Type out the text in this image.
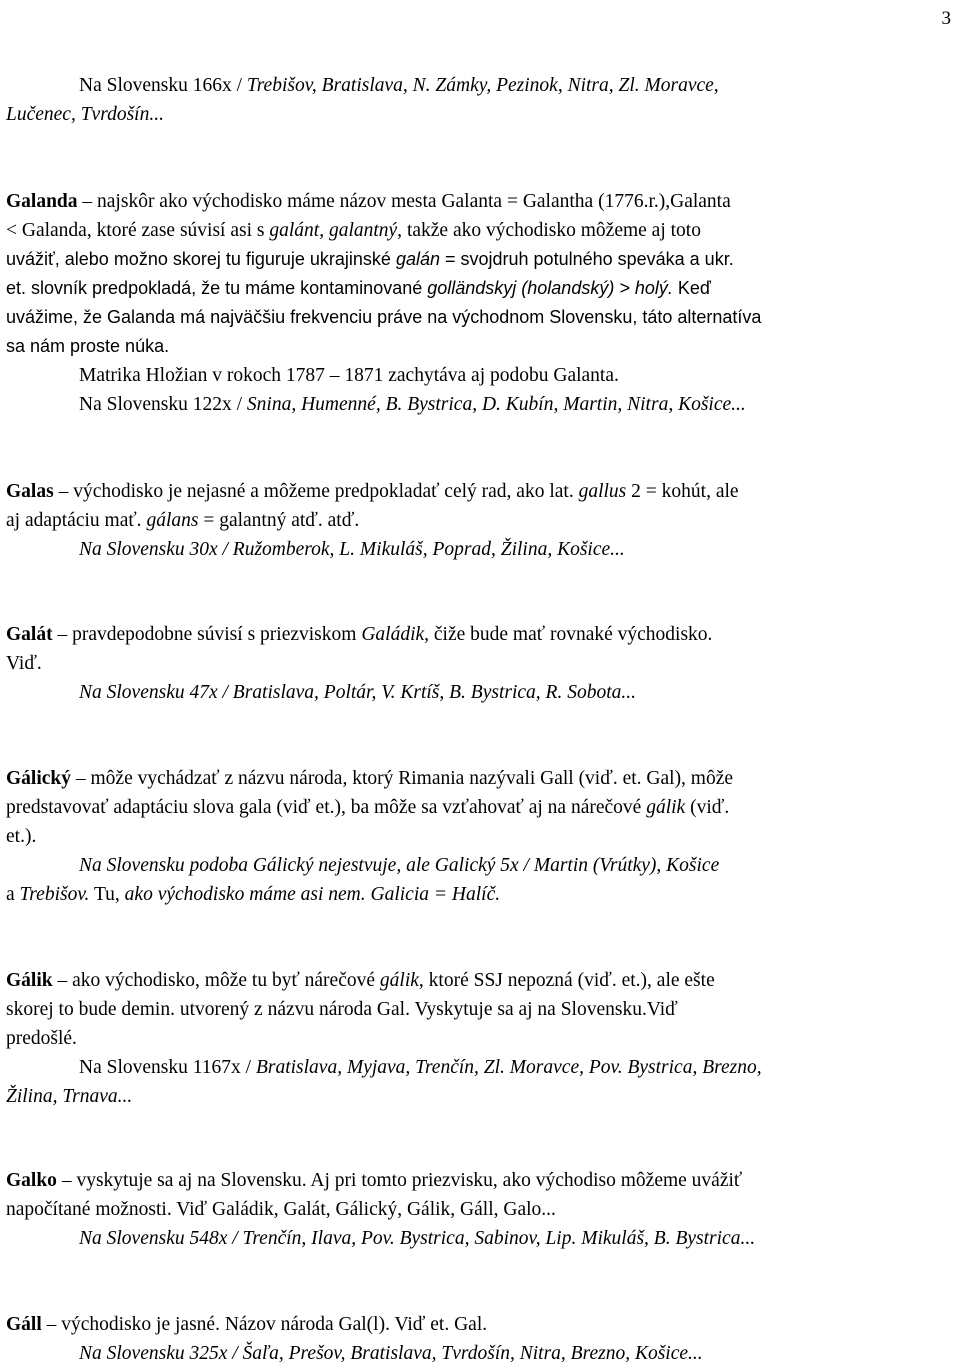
3
Na Slovensku 166x / Trebišov, Bratislava, N. Zámky, Pezinok, Nitra, Zl. Moravce,
Lučenec, Tvrdošín...
Galanda – najskôr ako východisko máme názov mesta Galanta = Galantha (1776.r.),Galanta
< Galanda, ktoré zase súvisí asi s galánt, galantný, takže ako východisko môžeme aj toto
uvážiť, alebo možno skorej tu figuruje ukrajinské galán = svojdruh potulného speváka a ukr.
et. slovník predpokladá, že tu máme kontaminované golländskyj (holandský) > holý. Keď
uvážime, že Galanda má najväčšiu frekvenciu práve na východnom Slovensku, táto alternatíva
sa nám proste núka.
Matrika Hložian v rokoch 1787 – 1871 zachytáva aj podobu Galanta.
Na Slovensku 122x / Snina, Humenné, B. Bystrica, D. Kubín, Martin, Nitra, Košice...
Galas – východisko je nejasné a môžeme predpokladať celý rad, ako lat. gallus 2 = kohút, ale
aj adaptáciu mať. gálans = galantný atď. atď.
Na Slovensku 30x / Ružomberok, L. Mikuláš, Poprad, Žilina, Košice...
Galát – pravdepodobne súvisí s priezviskom Galádik, čiže bude mať rovnaké východisko.
Viď.
Na Slovensku 47x / Bratislava, Poltár, V. Krtíš, B. Bystrica, R. Sobota...
Gálický – môže vychádzať z názvu národa, ktorý Rimania nazývali Gall (viď. et. Gal), môže
predstavovať adaptáciu slova gala (viď et.), ba môže sa vzťahovať aj na nárečové gálik (viď.
et.).
Na Slovensku podoba Gálický nejestvuje, ale Galický 5x / Martin (Vrútky), Košice
a Trebišov. Tu, ako východisko máme asi nem. Galicia = Halíč.
Gálik – ako východisko, môže tu byť nárečové gálik, ktoré SSJ nepozná (viď. et.), ale ešte
skorej to bude demin. utvorený z názvu národa Gal. Vyskytuje sa aj na Slovensku.Viď
predošlé.
Na Slovensku 1167x / Bratislava, Myjava, Trenčín, Zl. Moravce, Pov. Bystrica, Brezno,
Žilina, Trnava...
Galko – vyskytuje sa aj na Slovensku. Aj pri tomto priezvisku, ako východiso môžeme uvážiť
napočítané možnosti. Viď Galádik, Galát, Gálický, Gálik, Gáll, Galo...
Na Slovensku 548x / Trenčín, Ilava, Pov. Bystrica, Sabinov, Lip. Mikuláš, B. Bystrica...
Gáll – východisko je jasné. Názov národa Gal(l). Viď et. Gal.
Na Slovensku 325x / Šaľa, Prešov, Bratislava, Tvrdošín, Nitra, Brezno, Košice...
